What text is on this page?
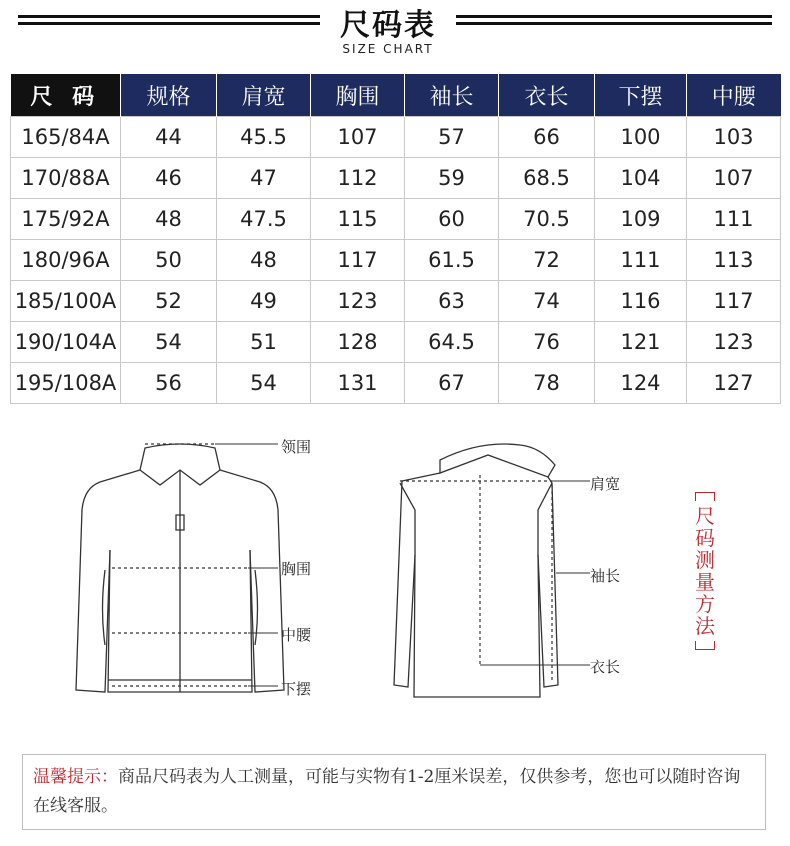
尺码表
SIZE CHART
尺 码	规格	肩宽	胸围	袖长	衣长	下摆	中腰
165/84A	44	45.5	107	57	66	100	103
170/88A	46	47	112	59	68.5	104	107
175/92A	48	47.5	115	60	70.5	109	111
180/96A	50	48	117	61.5	72	111	113
185/100A	52	49	123	63	74	116	117
190/104A	54	51	128	64.5	76	121	123
195/108A	56	54	131	67	78	124	127
领围
胸围
中腰
下摆
肩宽
袖长
衣长
尺
码
测
量
方
法
温馨提示：商品尺码表为人工测量，可能与实物有1-2厘米误差，仅供参考，您也可以随时咨询在线客服。
